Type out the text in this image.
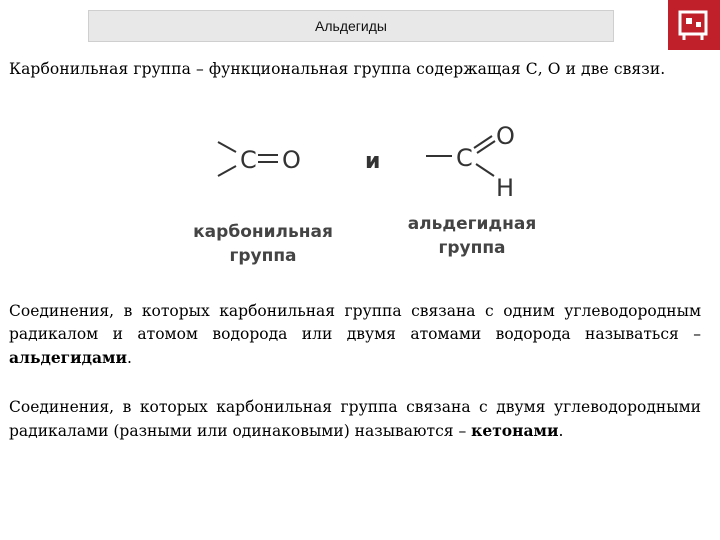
Альдегиды

Карбонильная группа – функциональная группа содержащая С, О и две связи.

C O	и	C
O
H
карбонильная
группа
альдегидная
группа

Соединения, в которых карбонильная группа связана с одним углеводородным радикалом и атомом водорода или двумя атомами водорода называться – альдегидами.

Соединения, в которых карбонильная группа связана с двумя углеводородными радикалами (разными или одинаковыми) называются – кетонами.
